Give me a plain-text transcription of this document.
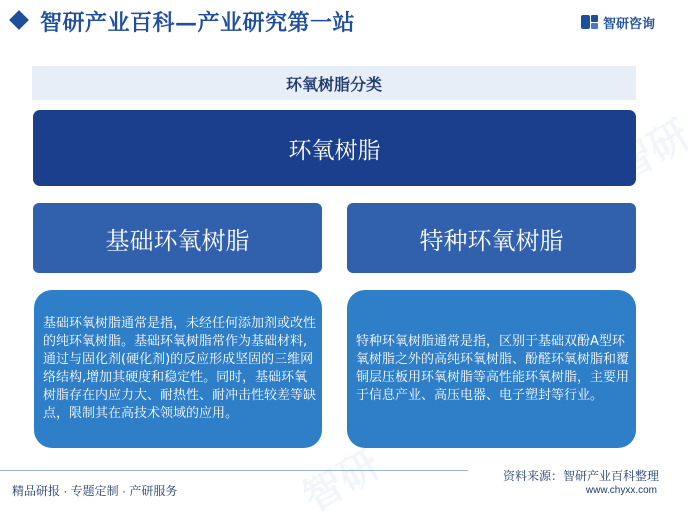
智研
智研
智研产业百科—产业研究第一站	智研咨询
环氧树脂分类
环氧树脂
基础环氧树脂	特种环氧树脂

基础环氧树脂通常是指，未经任何添加剂或改性的纯环氧树脂。基础环氧树脂常作为基础材料,通过与固化剂(硬化剂)的反应形成坚固的三维网络结构,增加其硬度和稳定性。同时，基础环氧树脂存在内应力大、耐热性、耐冲击性较差等缺点，限制其在高技术领域的应用。

特种环氧树脂通常是指，区别于基础双酚A型环氧树脂之外的高纯环氧树脂、酚醛环氧树脂和覆铜层压板用环氧树脂等高性能环氧树脂，主要用于信息产业、高压电器、电子塑封等行业。

精品研报 · 专题定制 · 产研服务
资料来源：智研产业百科整理
www.chyxx.com
